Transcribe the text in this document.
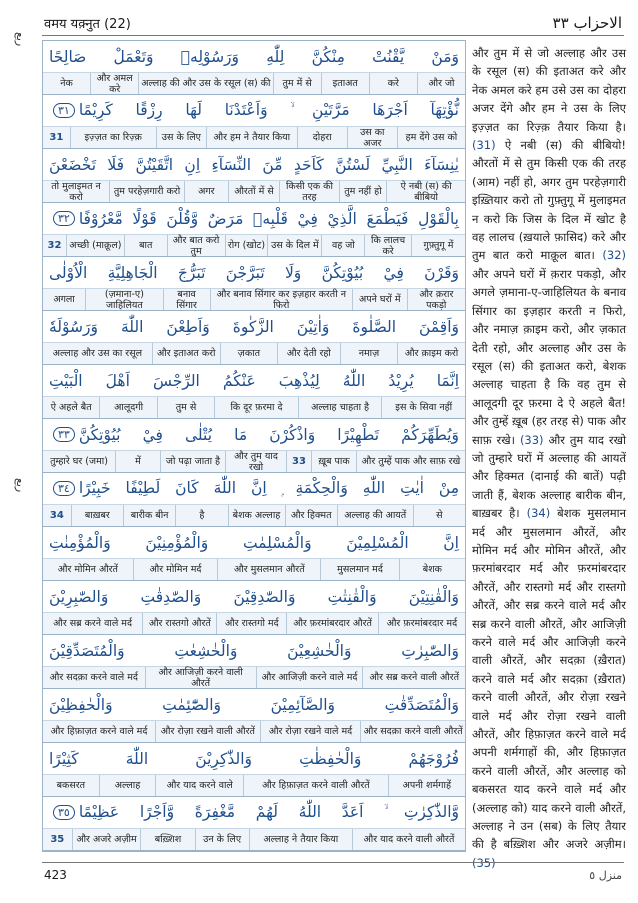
वमय यक़्नुत (22)	الاحزاب ٣٣
ربع
ربع
وَمَنْ يَّقْنُتْ مِنْكُنَّ لِلّٰهِ وَرَسُوْلِهٖ وَتَعْمَلْ صَالِحًا
और जो
करे
इताअत
तुम में से
अल्लाह की और उस के रसूल (स) की
और अमल करे
नेक
نُّؤْتِهَآ اَجْرَهَا مَرَّتَيْنِ ۙ وَاَعْتَدْنَا لَهَا رِزْقًا كَرِيْمًا
٣١
हम देंगे उस को
उस का अजर
दोहरा
और हम ने तैयार किया
उस के लिए
इज़्ज़त का रिज़्क़
31
يٰنِسَآءَ النَّبِيِّ لَسْتُنَّ كَاَحَدٍ مِّنَ النِّسَآءِ اِنِ اتَّقَيْتُنَّ فَلَا تَخْضَعْنَ
ऐ नबी (स) की बीबियो
तुम नहीं हो
किसी एक की तरह
औरतों में से
अगर
तुम परहेज़गारी करो
तो मुलाइमत न करो
بِالْقَوْلِ فَيَطْمَعَ الَّذِيْ فِيْ قَلْبِهٖ مَرَضٌ وَّقُلْنَ قَوْلًا مَّعْرُوْفًا
٣٢
गुफ़्तुगू में
कि लालच करे
वह जो
उस के दिल में
रोग (खोट)
और बात करो तुम
बात
अच्छी (माक़ूल)
32
وَقَرْنَ فِيْ بُيُوْتِكُنَّ وَلَا تَبَرَّجْنَ تَبَرُّجَ الْجَاهِلِيَّةِ الْاُوْلٰى
और क़रार पकड़ो
अपने घरों में
और बनाव सिंगार कर इज़हार करती न फिरो
बनाव सिंगार
(ज़माना-ए) जाहिलियत
अगला
وَاَقِمْنَ الصَّلٰوةَ وَاٰتِيْنَ الزَّكٰوةَ وَاَطِعْنَ اللّٰهَ وَرَسُوْلَهٗ
और क़ाइम करो
नमाज़
और देती रहो
ज़कात
और इताअत करो
अल्लाह और उस का रसूल
اِنَّمَا يُرِيْدُ اللّٰهُ لِيُذْهِبَ عَنْكُمُ الرِّجْسَ اَهْلَ الْبَيْتِ
इस के सिवा नहीं
अल्लाह चाहता है
कि दूर फ़रमा दे
तुम से
आलूदगी
ऐ अहले बैत
وَيُطَهِّرَكُمْ تَطْهِيْرًا وَاذْكُرْنَ مَا يُتْلٰى فِيْ بُيُوْتِكُنَّ
٣٣
और तुम्हें पाक और साफ़ रखे
ख़ूब पाक
33
और तुम याद रखो
जो पढ़ा जाता है
में
तुम्हारे घर (जमा)
مِنْ اٰيٰتِ اللّٰهِ وَالْحِكْمَةِ ۭ اِنَّ اللّٰهَ كَانَ لَطِيْفًا خَبِيْرًا
٣٤
से
अल्लाह की आयतें
और हिक्मत
बेशक अल्लाह
है
बारीक बीन
बाख़बर
34
اِنَّ الْمُسْلِمِيْنَ وَالْمُسْلِمٰتِ وَالْمُؤْمِنِيْنَ وَالْمُؤْمِنٰتِ
बेशक
मुसलमान मर्द
और मुसलमान औरतें
और मोमिन मर्द
और मोमिन औरतें
وَالْقٰنِتِيْنَ وَالْقٰنِتٰتِ وَالصّٰدِقِيْنَ وَالصّٰدِقٰتِ وَالصّٰبِرِيْنَ
और फ़रमांबरदार मर्द
और फ़रमांबरदार औरतें
और रास्तगो मर्द
और रास्तगो औरतें
और सब्र करने वाले मर्द
وَالصّٰبِرٰتِ وَالْخٰشِعِيْنَ وَالْخٰشِعٰتِ وَالْمُتَصَدِّقِيْنَ
और सब्र करने वाली औरतें
और आजिज़ी करने वाले मर्द
और आजिज़ी करने वाली औरतें
और सदक़ा करने वाले मर्द
وَالْمُتَصَدِّقٰتِ وَالصَّآئِمِيْنَ وَالصّٰٓئِمٰتِ وَالْحٰفِظِيْنَ
और सदक़ा करने वाली औरतें
और रोज़ा रखने वाले मर्द
और रोज़ा रखने वाली औरतें
और हिफ़ाज़त करने वाले मर्द
فُرُوْجَهُمْ وَالْحٰفِظٰتِ وَالذّٰكِرِيْنَ اللّٰهَ كَثِيْرًا
अपनी शर्मगाहें
और हिफ़ाज़त करने वाली औरतें
और याद करने वाले
अल्लाह
बकसरत
وَّالذّٰكِرٰتِ ۙ اَعَدَّ اللّٰهُ لَهُمْ مَّغْفِرَةً وَّاَجْرًا عَظِيْمًا
٣٥
और याद करने वाली औरतें
अल्लाह ने तैयार किया
उन के लिए
बख़्शिश
और अजरे अज़ीम
35
और तुम में से जो अल्लाह और उस के रसूल (स) की इताअत करे और नेक अमल करे हम उसे उस का दोहरा अजर देंगे और हम ने उस के लिए इज़्ज़त का रिज़्क़ तैयार किया है। (31) ऐ नबी (स) की बीबियो! औरतों में से तुम किसी एक की तरह (आम) नहीं हो, अगर तुम परहेज़गारी इख़्तियार करो तो गुफ़्तुगू में मुलाइमत न करो कि जिस के दिल में खोट है वह लालच (ख़याले फ़ासिद) करे और तुम बात करो माक़ूल बात। (32) और अपने घरों में क़रार पकड़ो, और अगले ज़माना-ए-जाहिलियत के बनाव सिंगार का इज़हार करती न फिरो, और नमाज़ क़ाइम करो, और ज़कात देती रहो, और अल्लाह और उस के रसूल (स) की इताअत करो, बेशक अल्लाह चाहता है कि वह तुम से आलूदगी दूर फ़रमा दे ऐ अहले बैत! और तुम्हें ख़ूब (हर तरह से) पाक और साफ़ रखे। (33) और तुम याद रखो जो तुम्हारे घरों में अल्लाह की आयतें और हिक्मत (दानाई की बातें) पढ़ी जाती हैं, बेशक अल्लाह बारीक बीन, बाख़बर है। (34) बेशक मुसलमान मर्द और मुसलमान औरतें, और मोमिन मर्द और मोमिन औरतें, और फ़रमांबरदार मर्द और फ़रमांबरदार औरतें, और रास्तगो मर्द और रास्तगो औरतें, और सब्र करने वाले मर्द और सब्र करने वाली औरतें, और आजिज़ी करने वाले मर्द और आजिज़ी करने वाली औरतें, और सदक़ा (ख़ैरात) करने वाले मर्द और सदक़ा (ख़ैरात) करने वाली औरतें, और रोज़ा रखने वाले मर्द और रोज़ा रखने वाली औरतें, और हिफ़ाज़त करने वाले मर्द अपनी शर्मगाहों की, और हिफ़ाज़त करने वाली औरतें, और अल्लाह को बकसरत याद करने वाले मर्द और (अल्लाह को) याद करने वाली औरतें, अल्लाह ने उन (सब) के लिए तैयार की है बख़्शिश और अजरे अज़ीम। (35)
423	منزل ٥
